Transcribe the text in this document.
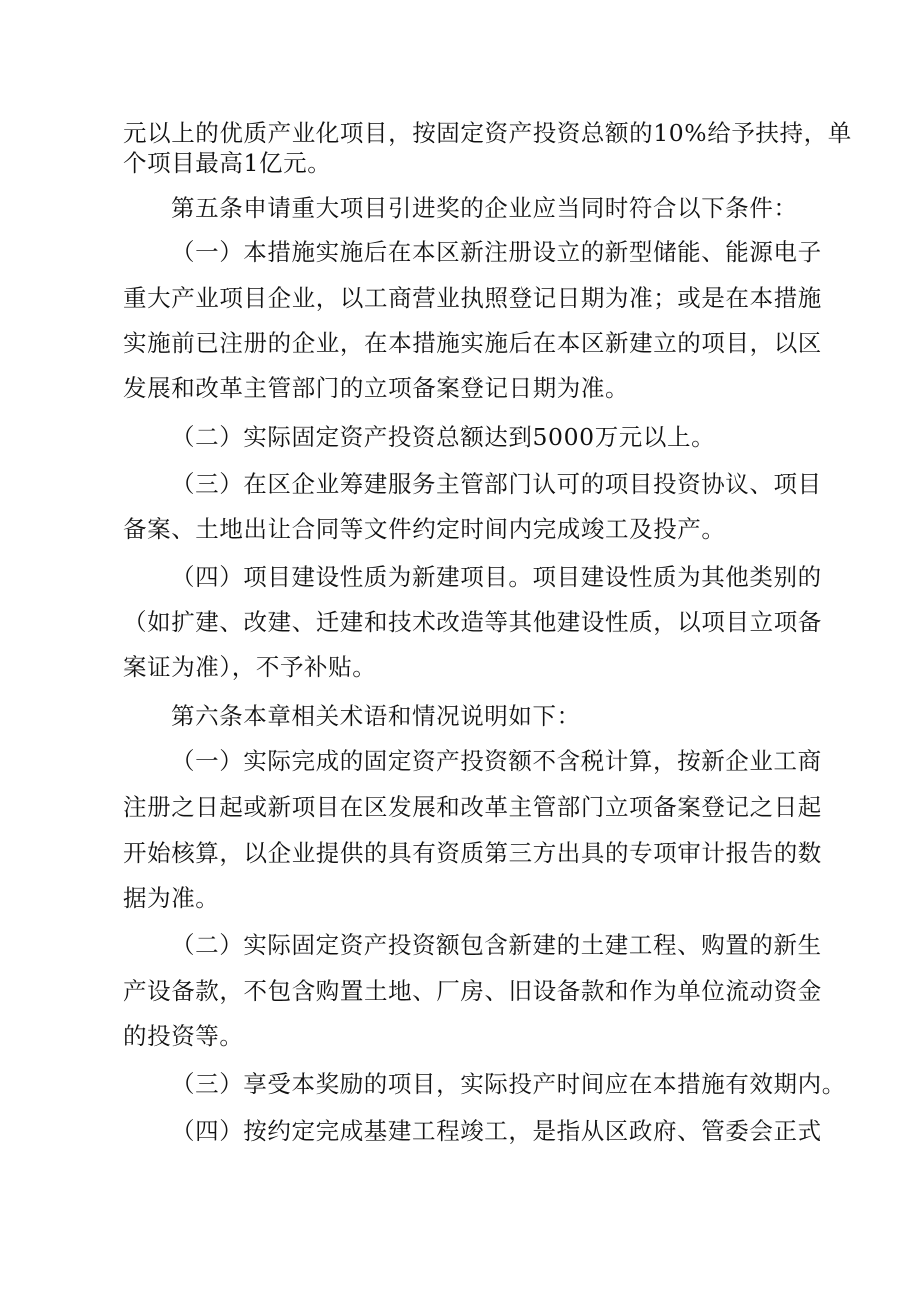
元以上的优质产业化项目，按固定资产投资总额的10%给予扶持，单
个项目最高1亿元。
第五条申请重大项目引进奖的企业应当同时符合以下条件：
（一）本措施实施后在本区新注册设立的新型储能、能源电子
重大产业项目企业，以工商营业执照登记日期为准；或是在本措施
实施前已注册的企业，在本措施实施后在本区新建立的项目，以区
发展和改革主管部门的立项备案登记日期为准。
（二）实际固定资产投资总额达到5000万元以上。
（三）在区企业筹建服务主管部门认可的项目投资协议、项目
备案、土地出让合同等文件约定时间内完成竣工及投产。
（四）项目建设性质为新建项目。项目建设性质为其他类别的
（如扩建、改建、迁建和技术改造等其他建设性质，以项目立项备
案证为准），不予补贴。
第六条本章相关术语和情况说明如下：
（一）实际完成的固定资产投资额不含税计算，按新企业工商
注册之日起或新项目在区发展和改革主管部门立项备案登记之日起
开始核算，以企业提供的具有资质第三方出具的专项审计报告的数
据为准。
（二）实际固定资产投资额包含新建的土建工程、购置的新生
产设备款，不包含购置土地、厂房、旧设备款和作为单位流动资金
的投资等。
（三）享受本奖励的项目，实际投产时间应在本措施有效期内。
（四）按约定完成基建工程竣工，是指从区政府、管委会正式
